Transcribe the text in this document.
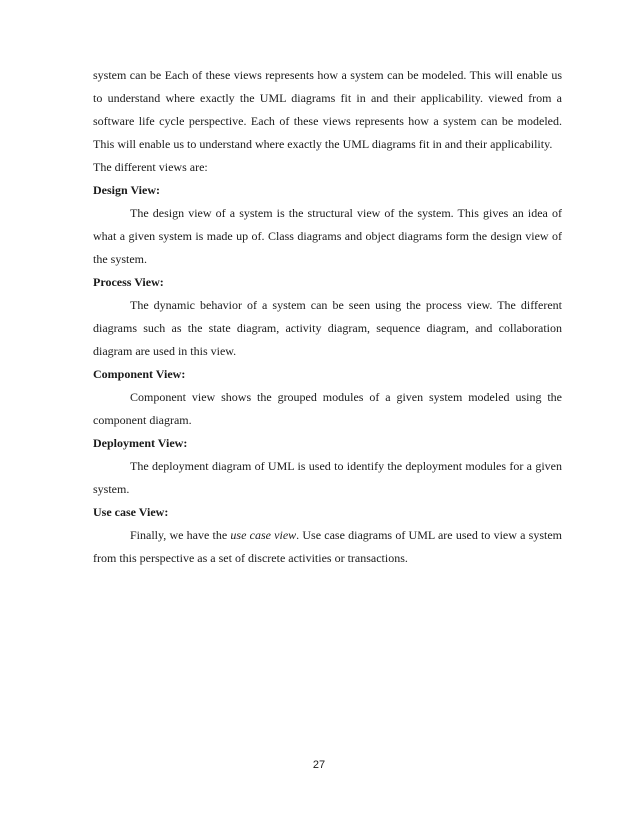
system can be Each of these views represents how a system can be modeled. This will enable us to understand where exactly the UML diagrams fit in and their applicability. viewed from a software life cycle perspective. Each of these views represents how a system can be modeled. This will enable us to understand where exactly the UML diagrams fit in and their applicability.

The different views are:

Design View:

The design view of a system is the structural view of the system. This gives an idea of what a given system is made up of. Class diagrams and object diagrams form the design view of the system.

Process View:

The dynamic behavior of a system can be seen using the process view. The different diagrams such as the state diagram, activity diagram, sequence diagram, and collaboration diagram are used in this view.

Component View:

Component view shows the grouped modules of a given system modeled using the component diagram.

Deployment View:

The deployment diagram of UML is used to identify the deployment modules for a given system.

Use case View:

Finally, we have the use case view. Use case diagrams of UML are used to view a system from this perspective as a set of discrete activities or transactions.

27
